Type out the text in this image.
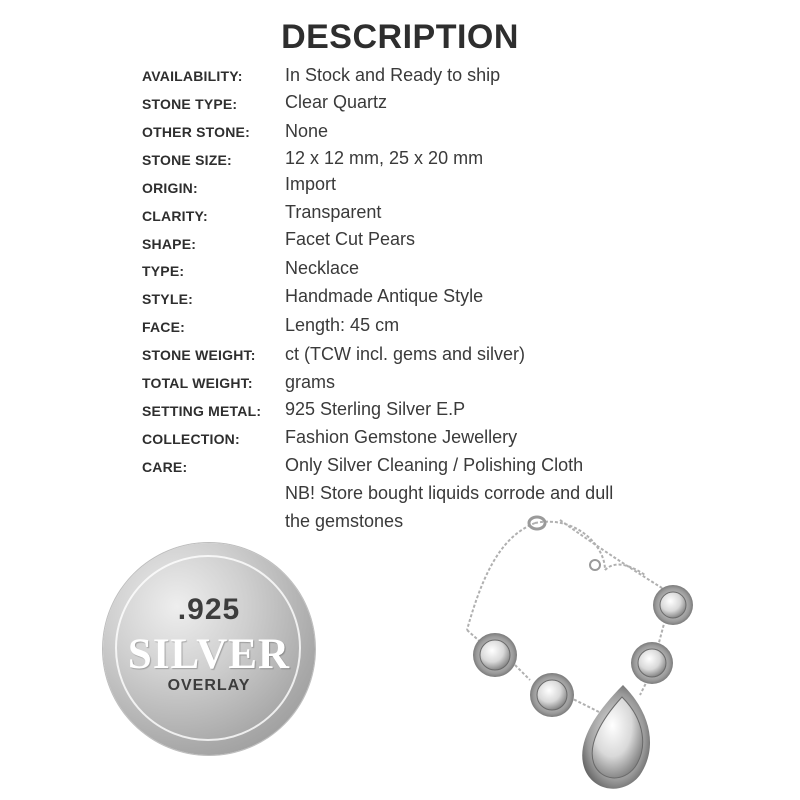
DESCRIPTION
AVAILABILITY: In Stock and Ready to ship
STONE TYPE:	Clear Quartz
OTHER STONE: None
STONE SIZE:	12 x 12 mm, 25 x 20 mm
ORIGIN:	Import
CLARITY:	Transparent
SHAPE:	Facet Cut Pears
TYPE:	Necklace
STYLE:	Handmade Antique Style
FACE:	Length: 45 cm
STONE WEIGHT: ct (TCW incl. gems and silver)
TOTAL WEIGHT: grams
SETTING METAL: 925 Sterling Silver E.P
COLLECTION:	Fashion Gemstone Jewellery
CARE:	Only Silver Cleaning / Polishing Cloth
NB! Store bought liquids corrode and dull
the gemstones
.925
SILVER
OVERLAY
